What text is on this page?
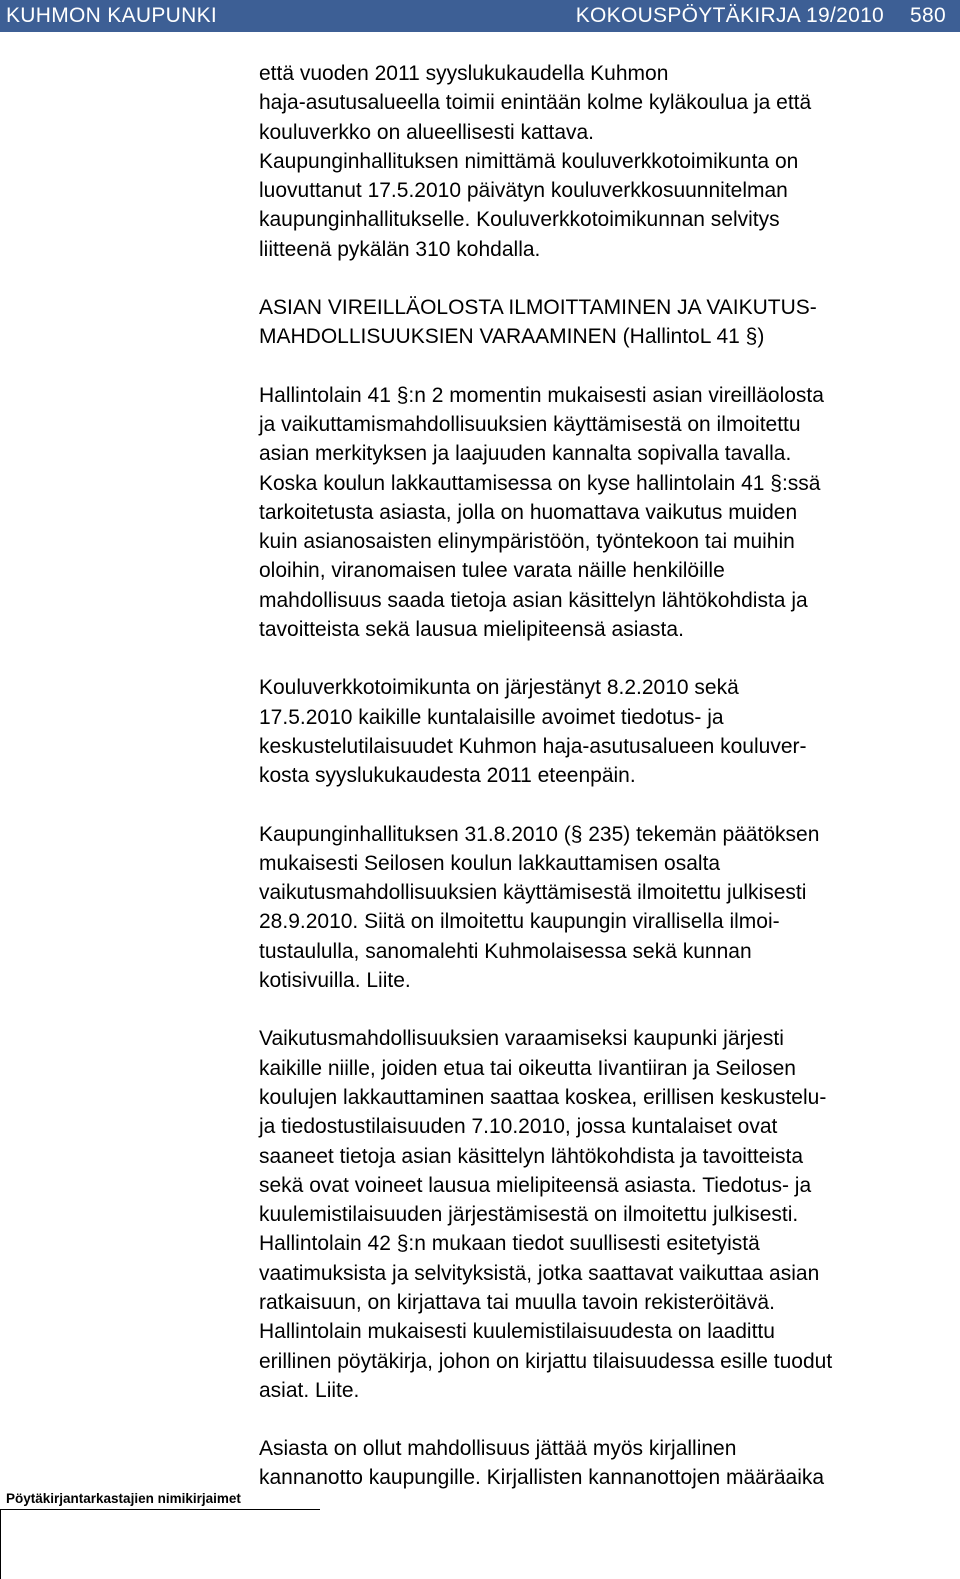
KUHMON KAUPUNKI	KOKOUSPÖYTÄKIRJA 19/2010 580

että vuoden 2011 syyslukukaudella Kuhmon
haja-asutusalueella toimii enintään kolme kyläkoulua ja että
kouluverkko on alueellisesti kattava.
Kaupunginhallituksen nimittämä kouluverkkotoimikunta on
luovuttanut 17.5.2010 päivätyn kouluverkkosuunnitelman
kaupunginhallitukselle. Kouluverkkotoimikunnan selvitys
liitteenä pykälän 310 kohdalla.

ASIAN VIREILLÄOLOSTA ILMOITTAMINEN JA VAIKUTUS-
MAHDOLLISUUKSIEN VARAAMINEN (HallintoL 41 §)

Hallintolain 41 §:n 2 momentin mukaisesti asian vireilläolosta
ja vaikuttamismahdollisuuksien käyttämisestä on ilmoitettu
asian merkityksen ja laajuuden kannalta sopivalla tavalla.
Koska koulun lakkauttamisessa on kyse hallintolain 41 §:ssä
tarkoitetusta asiasta, jolla on huomattava vaikutus muiden
kuin asianosaisten elinympäristöön, työntekoon tai muihin
oloihin, viranomaisen tulee varata näille henkilöille
mahdollisuus saada tietoja asian käsittelyn lähtökohdista ja
tavoitteista sekä lausua mielipiteensä asiasta.

Kouluverkkotoimikunta on järjestänyt 8.2.2010 sekä
17.5.2010 kaikille kuntalaisille avoimet tiedotus- ja
keskustelutilaisuudet Kuhmon haja-asutusalueen kouluver-
kosta syyslukukaudesta 2011 eteenpäin.

Kaupunginhallituksen 31.8.2010 (§ 235) tekemän päätöksen
mukaisesti Seilosen koulun lakkauttamisen osalta
vaikutusmahdollisuuksien käyttämisestä ilmoitettu julkisesti
28.9.2010. Siitä on ilmoitettu kaupungin virallisella ilmoi-
tustaululla, sanomalehti Kuhmolaisessa sekä kunnan
kotisivuilla. Liite.

Vaikutusmahdollisuuksien varaamiseksi kaupunki järjesti
kaikille niille, joiden etua tai oikeutta Iivantiiran ja Seilosen
koulujen lakkauttaminen saattaa koskea, erillisen keskustelu-
ja tiedostustilaisuuden 7.10.2010, jossa kuntalaiset ovat
saaneet tietoja asian käsittelyn lähtökohdista ja tavoitteista
sekä ovat voineet lausua mielipiteensä asiasta. Tiedotus- ja
kuulemistilaisuuden järjestämisestä on ilmoitettu julkisesti.
Hallintolain 42 §:n mukaan tiedot suullisesti esitetyistä
vaatimuksista ja selvityksistä, jotka saattavat vaikuttaa asian
ratkaisuun, on kirjattava tai muulla tavoin rekisteröitävä.
Hallintolain mukaisesti kuulemistilaisuudesta on laadittu
erillinen pöytäkirja, johon on kirjattu tilaisuudessa esille tuodut
asiat. Liite.

Asiasta on ollut mahdollisuus jättää myös kirjallinen
kannanotto kaupungille. Kirjallisten kannanottojen määräaika

Pöytäkirjantarkastajien nimikirjaimet
